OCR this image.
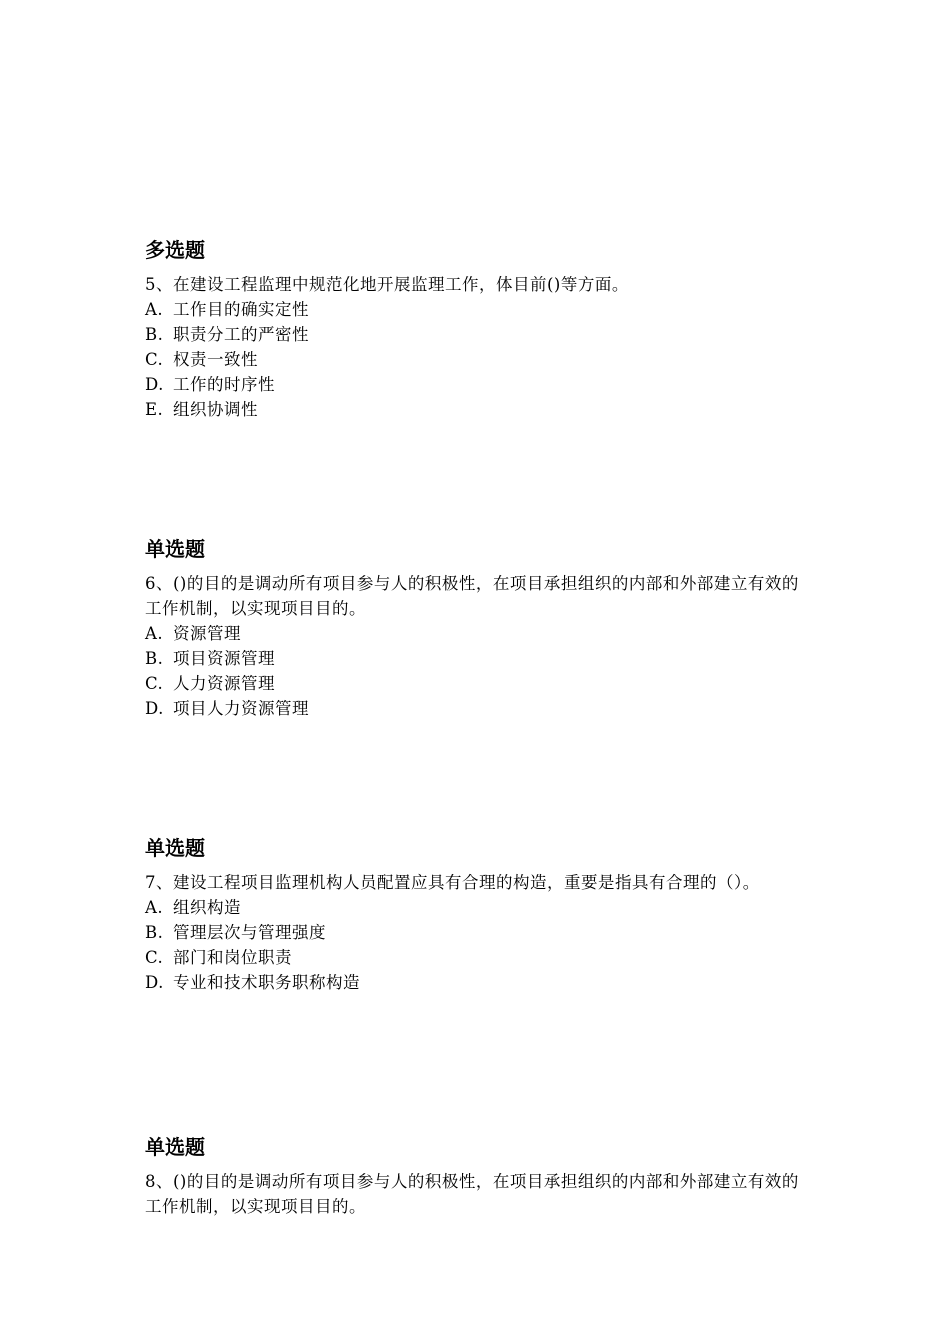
多选题

5、在建设工程监理中规范化地开展监理工作，体目前()等方面。

A. 工作目的确实定性
B. 职责分工的严密性
C. 权责一致性
D. 工作的时序性
E. 组织协调性
单选题

6、()的目的是调动所有项目参与人的积极性，在项目承担组织的内部和外部建立有效的工作机制，以实现项目目的。

A. 资源管理
B. 项目资源管理
C. 人力资源管理
D. 项目人力资源管理
单选题

7、建设工程项目监理机构人员配置应具有合理的构造，重要是指具有合理的（）。

A. 组织构造
B. 管理层次与管理强度
C. 部门和岗位职责
D. 专业和技术职务职称构造
单选题

8、()的目的是调动所有项目参与人的积极性，在项目承担组织的内部和外部建立有效的工作机制，以实现项目目的。
